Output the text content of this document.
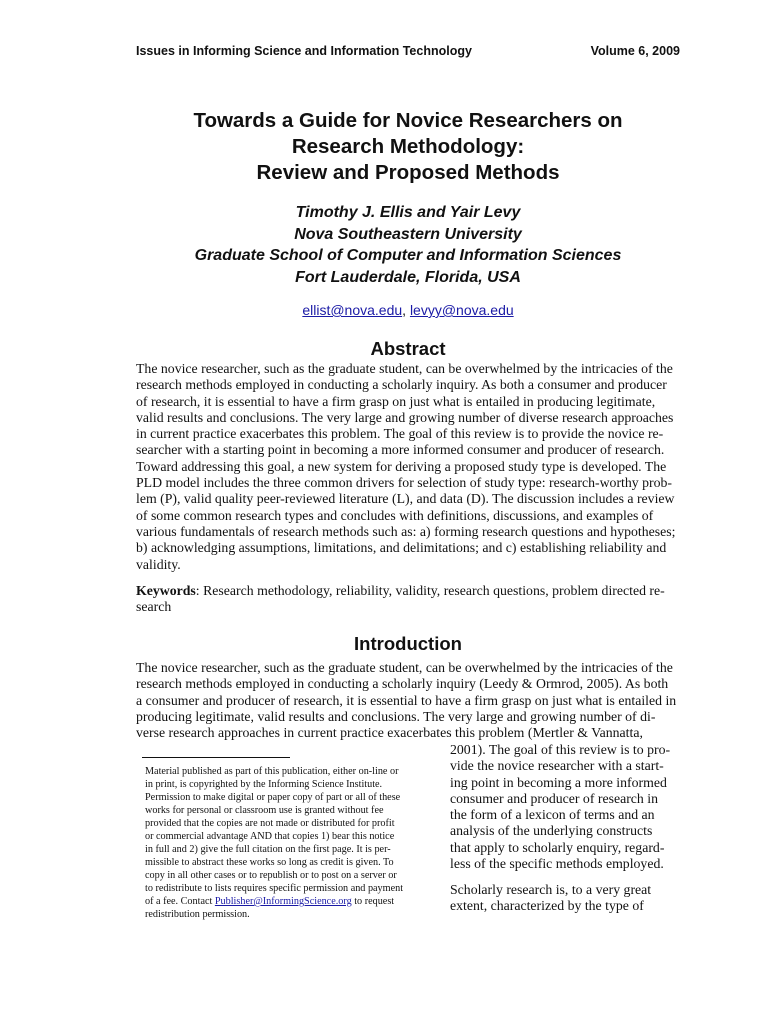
Issues in Informing Science and Information Technology	Volume 6, 2009
Towards a Guide for Novice Researchers on
Research Methodology:
Review and Proposed Methods
Timothy J. Ellis and Yair Levy
Nova Southeastern University
Graduate School of Computer and Information Sciences
Fort Lauderdale, Florida, USA
ellist@nova.edu, levyy@nova.edu
Abstract
The novice researcher, such as the graduate student, can be overwhelmed by the intricacies of the
research methods employed in conducting a scholarly inquiry. As both a consumer and producer
of research, it is essential to have a firm grasp on just what is entailed in producing legitimate,
valid results and conclusions. The very large and growing number of diverse research approaches
in current practice exacerbates this problem. The goal of this review is to provide the novice re-
searcher with a starting point in becoming a more informed consumer and producer of research.
Toward addressing this goal, a new system for deriving a proposed study type is developed. The
PLD model includes the three common drivers for selection of study type: research-worthy prob-
lem (P), valid quality peer-reviewed literature (L), and data (D). The discussion includes a review
of some common research types and concludes with definitions, discussions, and examples of
various fundamentals of research methods such as: a) forming research questions and hypotheses;
b) acknowledging assumptions, limitations, and delimitations; and c) establishing reliability and
validity.
Keywords: Research methodology, reliability, validity, research questions, problem directed re-
search
Introduction
The novice researcher, such as the graduate student, can be overwhelmed by the intricacies of the
research methods employed in conducting a scholarly inquiry (Leedy & Ormrod, 2005). As both
a consumer and producer of research, it is essential to have a firm grasp on just what is entailed in
producing legitimate, valid results and conclusions. The very large and growing number of di-
verse research approaches in current practice exacerbates this problem (Mertler & Vannatta,
2001). The goal of this review is to pro-
vide the novice researcher with a start-
ing point in becoming a more informed
consumer and producer of research in
the form of a lexicon of terms and an
analysis of the underlying constructs
that apply to scholarly enquiry, regard-
less of the specific methods employed.
Scholarly research is, to a very great
extent, characterized by the type of
Material published as part of this publication, either on-line or
in print, is copyrighted by the Informing Science Institute.
Permission to make digital or paper copy of part or all of these
works for personal or classroom use is granted without fee
provided that the copies are not made or distributed for profit
or commercial advantage AND that copies 1) bear this notice
in full and 2) give the full citation on the first page. It is per-
missible to abstract these works so long as credit is given. To
copy in all other cases or to republish or to post on a server or
to redistribute to lists requires specific permission and payment
of a fee. Contact Publisher@InformingScience.org to request
redistribution permission.
